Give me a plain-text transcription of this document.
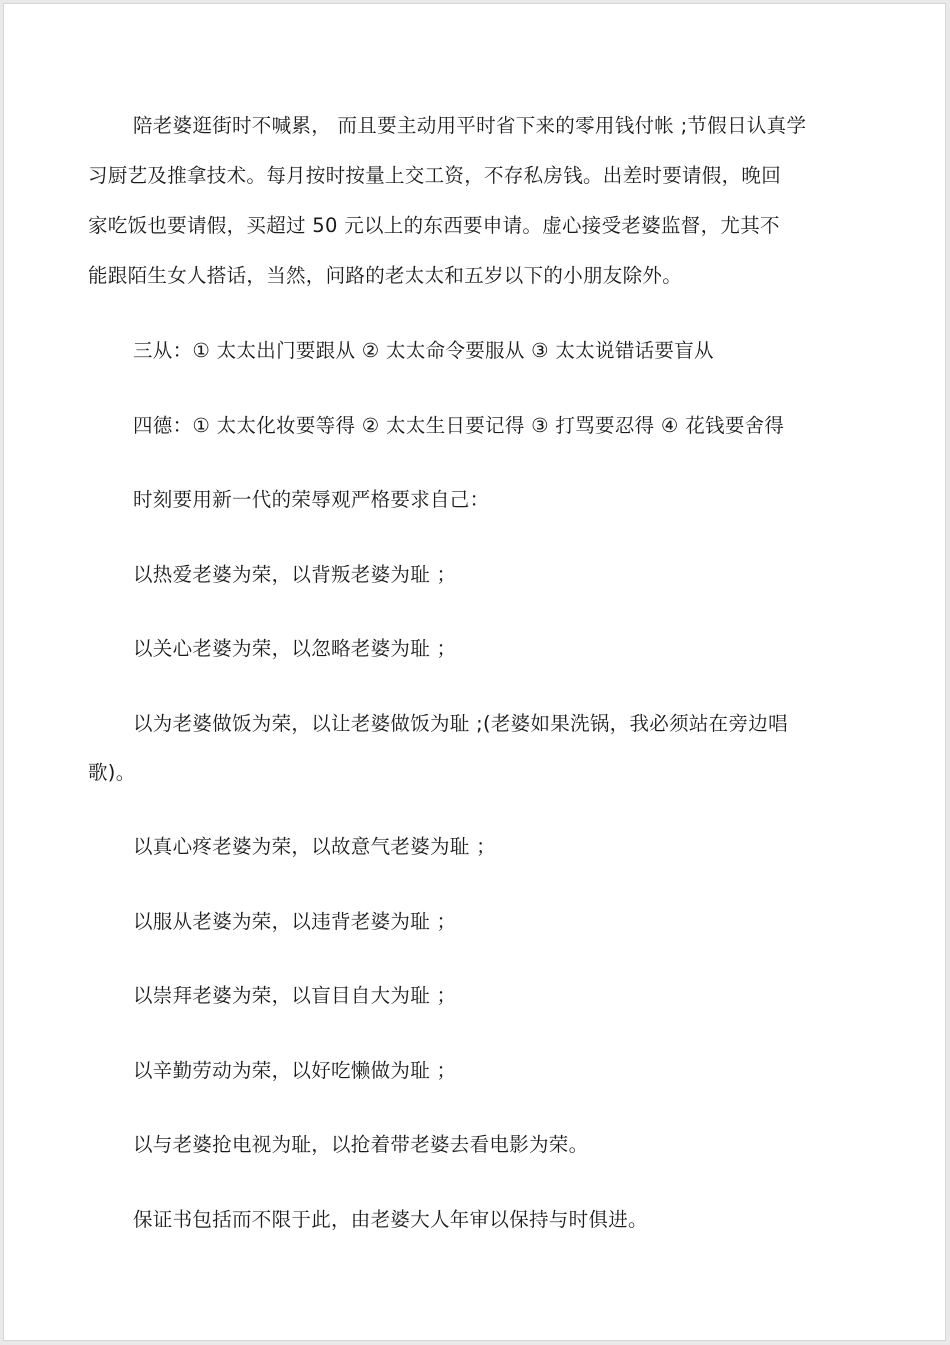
陪老婆逛街时不喊累， 而且要主动用平时省下来的零用钱付帐 ;节假日认真学
习厨艺及推拿技术。每月按时按量上交工资，不存私房钱。出差时要请假，晚回
家吃饭也要请假，买超过 50 元以上的东西要申请。虚心接受老婆监督，尤其不
能跟陌生女人搭话，当然，问路的老太太和五岁以下的小朋友除外。

三从：① 太太出门要跟从 ② 太太命令要服从 ③ 太太说错话要盲从

四德：① 太太化妆要等得 ② 太太生日要记得 ③ 打骂要忍得 ④ 花钱要舍得

时刻要用新一代的荣辱观严格要求自己：

以热爱老婆为荣，以背叛老婆为耻 ；

以关心老婆为荣，以忽略老婆为耻 ；

以为老婆做饭为荣，以让老婆做饭为耻 ;(老婆如果洗锅，我必须站在旁边唱
歌)。

以真心疼老婆为荣，以故意气老婆为耻 ；

以服从老婆为荣，以违背老婆为耻 ；

以崇拜老婆为荣，以盲目自大为耻 ；

以辛勤劳动为荣，以好吃懒做为耻 ；

以与老婆抢电视为耻，以抢着带老婆去看电影为荣。

保证书包括而不限于此，由老婆大人年审以保持与时俱进。
